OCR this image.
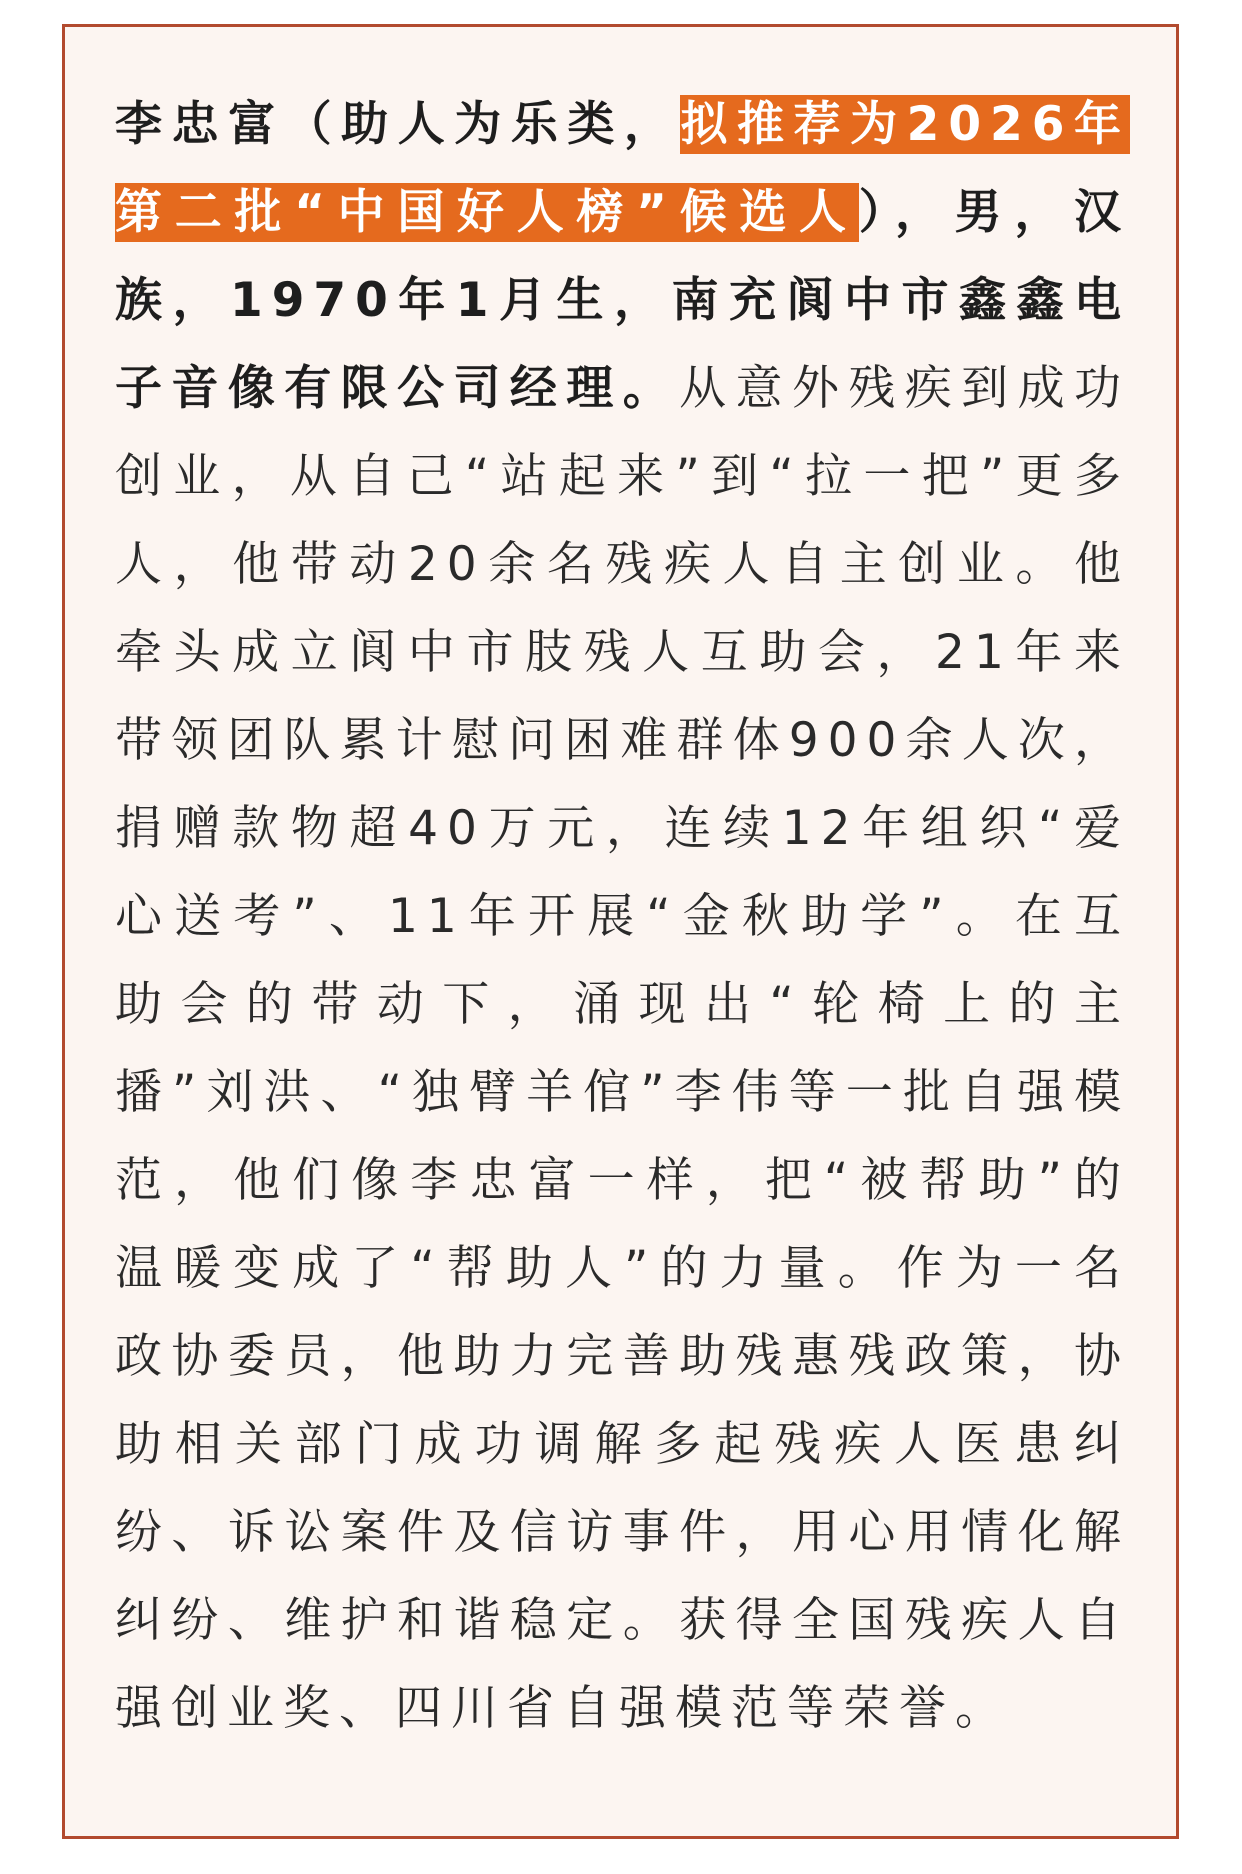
李忠富（助人为乐类，拟推荐为2026年第二批“中国好人榜”候选人），男，汉族，1970年1月生，南充阆中市鑫鑫电子音像有限公司经理。从意外残疾到成功创业，从自己“站起来”到“拉一把”更多人，他带动20余名残疾人自主创业。他牵头成立阆中市肢残人互助会，21年来带领团队累计慰问困难群体900余人次，捐赠款物超40万元，连续12年组织“爱心送考”、11年开展“金秋助学”。在互助会的带动下，涌现出“轮椅上的主播”刘洪、“独臂羊倌”李伟等一批自强模范，他们像李忠富一样，把“被帮助”的温暖变成了“帮助人”的力量。作为一名政协委员，他助力完善助残惠残政策，协助相关部门成功调解多起残疾人医患纠纷、诉讼案件及信访事件，用心用情化解纠纷、维护和谐稳定。获得全国残疾人自强创业奖、四川省自强模范等荣誉。
